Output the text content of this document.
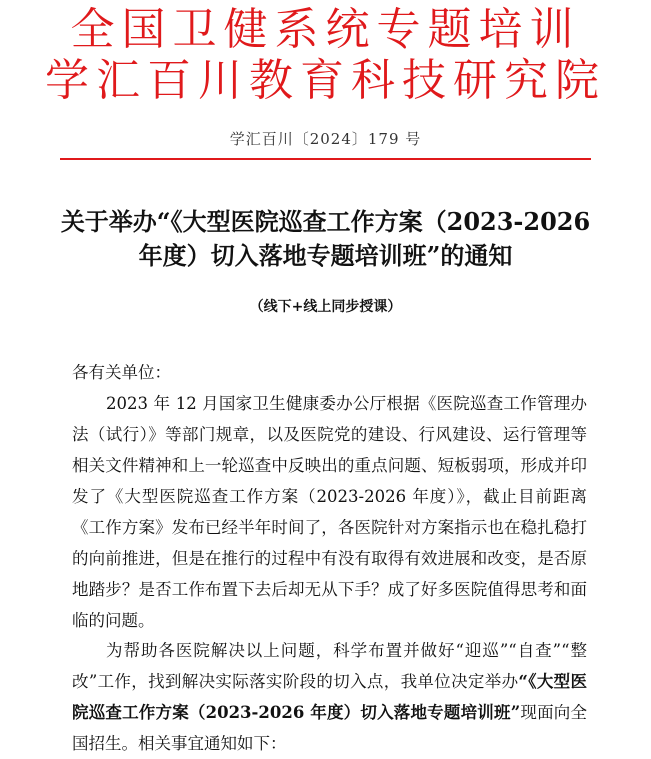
全国卫健系统专题培训
学汇百川教育科技研究院
学汇百川〔2024〕179 号
关于举办“《大型医院巡查工作方案（2023-2026
年度）切入落地专题培训班”的通知
（线下+线上同步授课）
各有关单位：
2023 年 12 月国家卫生健康委办公厅根据《医院巡查工作管理办法（试行）》等部门规章，以及医院党的建设、行风建设、运行管理等相关文件精神和上一轮巡查中反映出的重点问题、短板弱项，形成并印发了《大型医院巡查工作方案（2023-2026 年度）》，截止目前距离《工作方案》发布已经半年时间了，各医院针对方案指示也在稳扎稳打的向前推进，但是在推行的过程中有没有取得有效进展和改变，是否原地踏步？是否工作布置下去后却无从下手？成了好多医院值得思考和面临的问题。
为帮助各医院解决以上问题，科学布置并做好“迎巡”“自查”“整改”工作，找到解决实际落实阶段的切入点，我单位决定举办“《大型医院巡查工作方案（2023-2026 年度）切入落地专题培训班”现面向全国招生。相关事宜通知如下：
